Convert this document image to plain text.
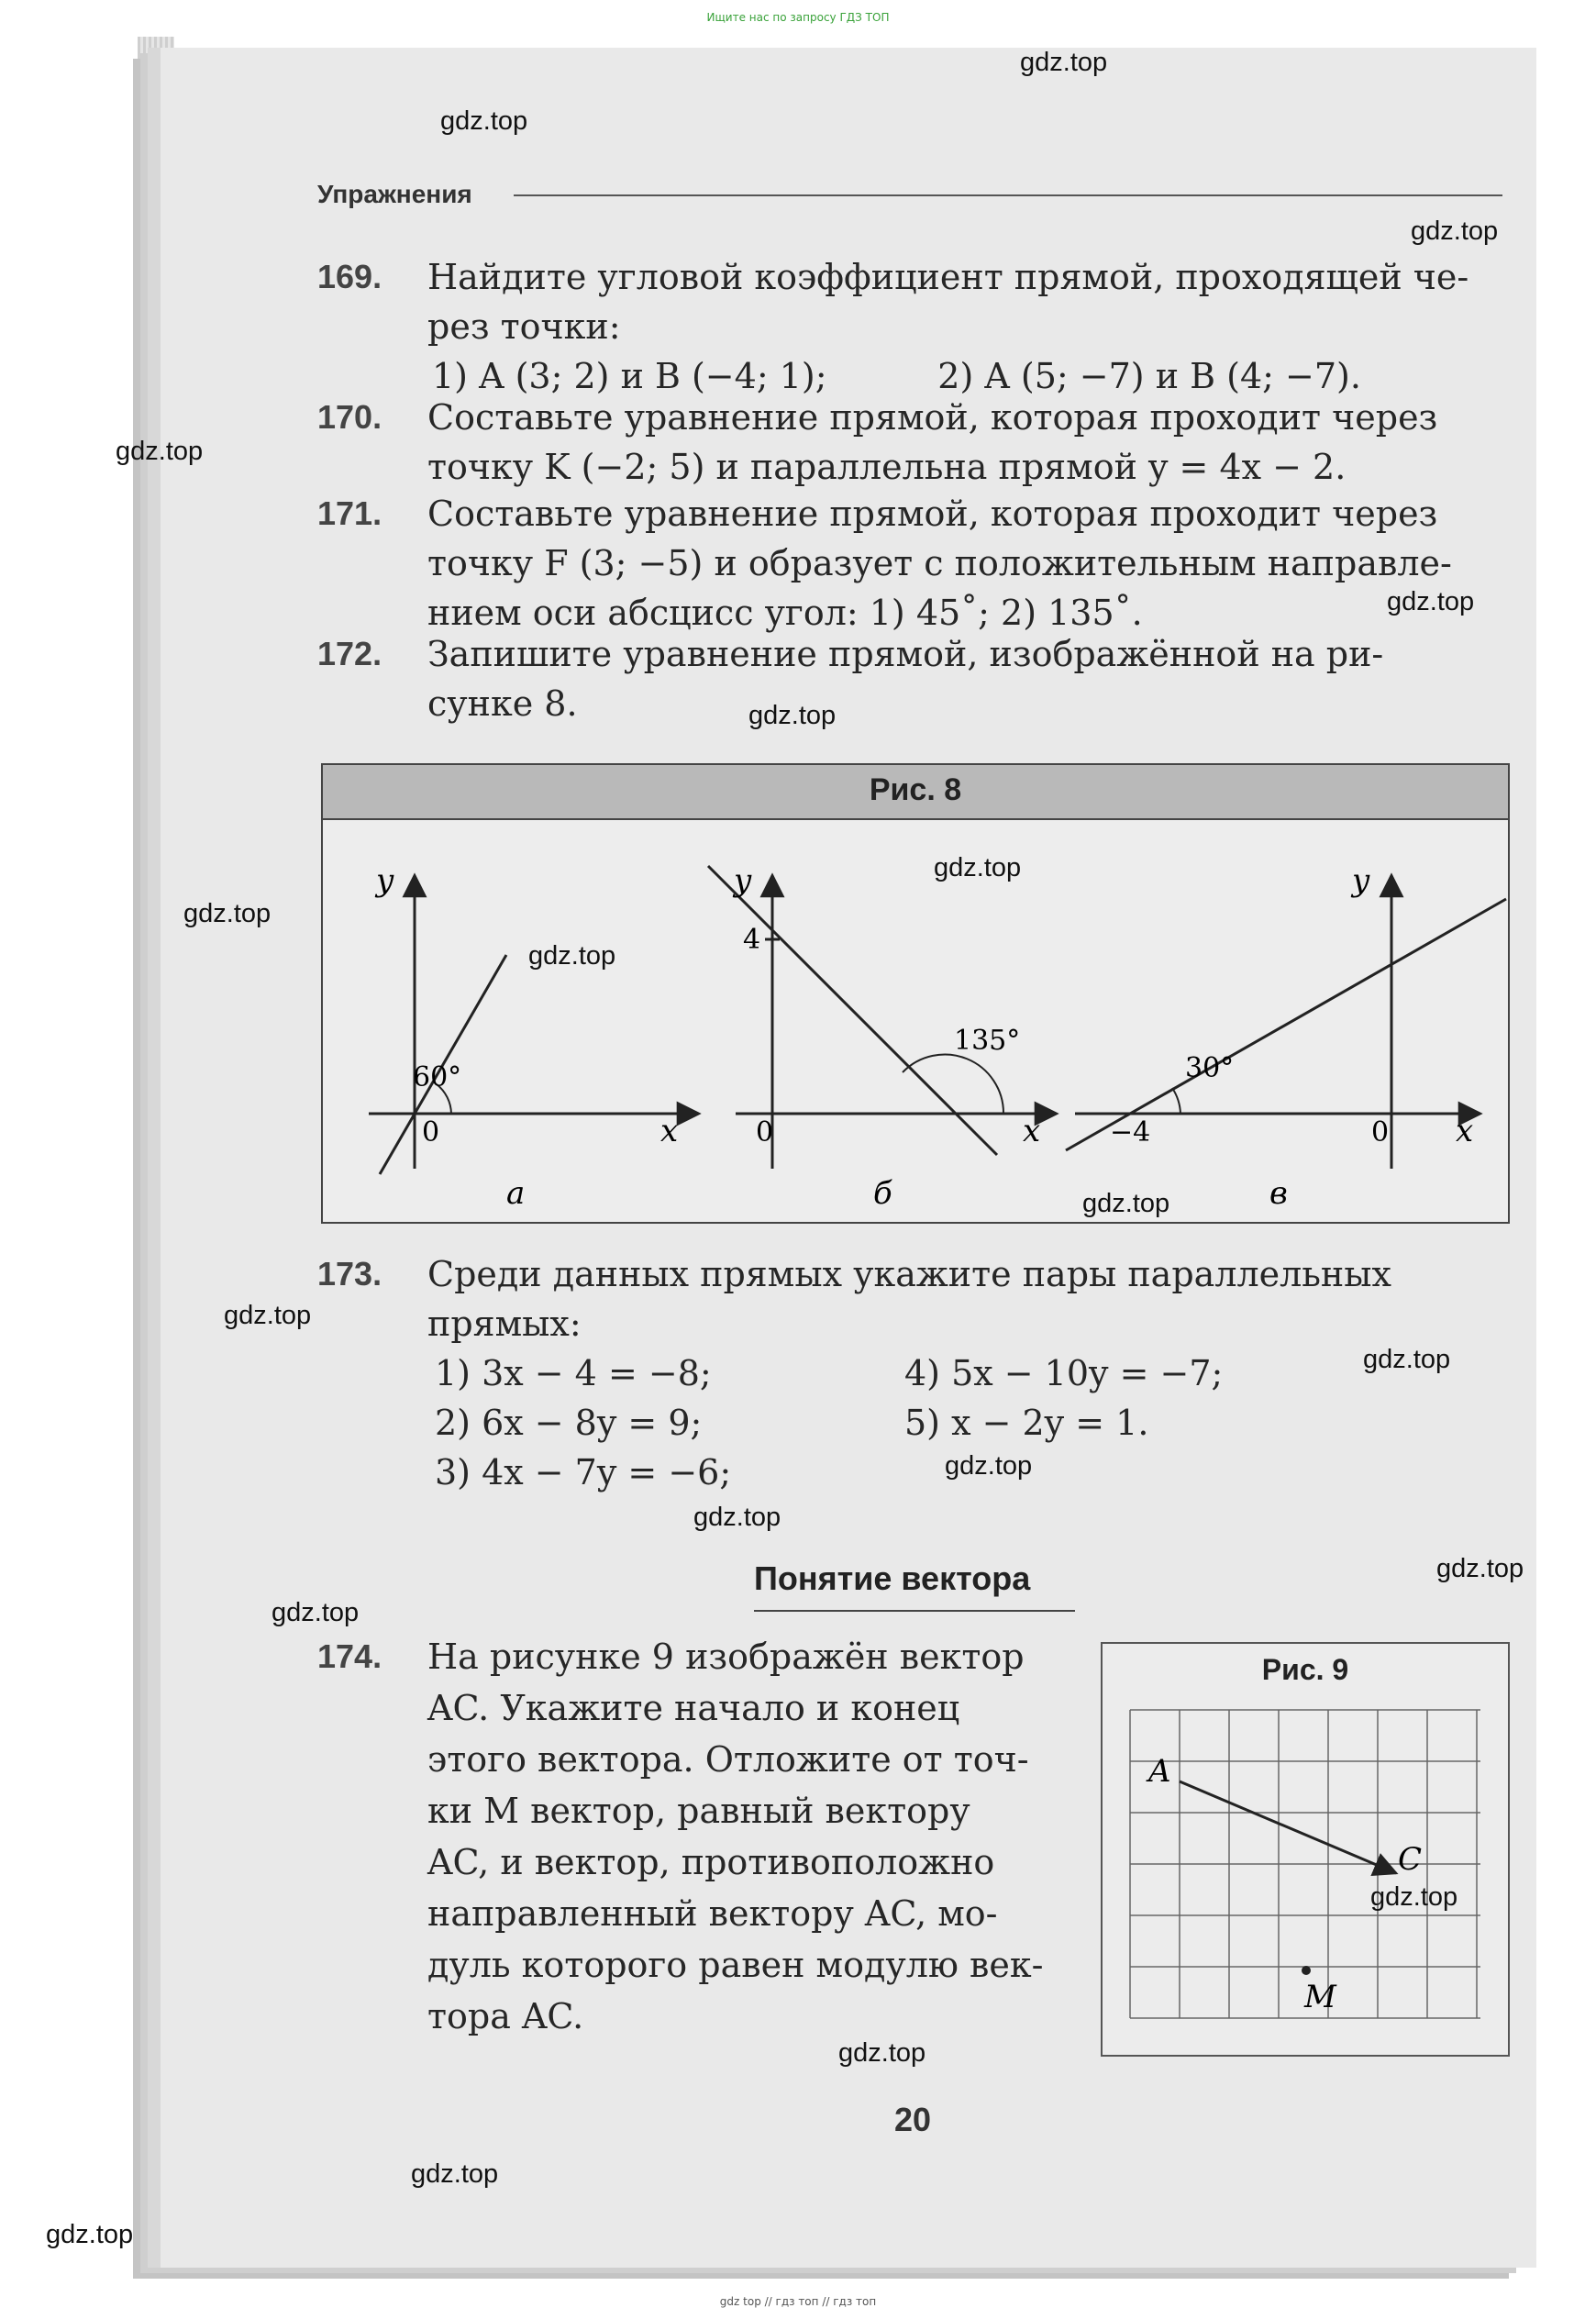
Ищите нас по запросу ГДЗ ТОП
Упражнения
169. Найдите угловой коэффициент прямой, проходящей че-
рез точки:
1) A (3; 2) и B (−4; 1);          2) A (5; −7) и B (4; −7).
170. Составьте уравнение прямой, которая проходит через
точку K (−2; 5) и параллельна прямой y = 4x − 2.
171. Составьте уравнение прямой, которая проходит через
точку F (3; −5) и образует с положительным направле-
нием оси абсцисс угол: 1) 45˚; 2) 135˚.
172. Запишите уравнение прямой, изображённой на ри-
сунке 8.
Рис. 8
y
x
0
60°
а
y
x
0
4
135°
б
y
x
0
−4
30°
в
173. Среди данных прямых укажите пары параллельных
прямых:
1) 3x − 4 = −8;	4) 5x − 10y = −7;
2) 6x − 8y = 9;	5) x − 2y = 1.
3) 4x − 7y = −6;
Понятие вектора
174. На рисунке 9 изображён вектор
AC. Укажите начало и конец
этого вектора. Отложите от точ-
ки M вектор, равный вектору
AC, и вектор, противоположно
направленный вектору AC, мо-
дуль которого равен модулю век-
тора AC.
Рис. 9
A
C
M
20
gdz.top
gdz.top
gdz.top
gdz.top
gdz.top
gdz.top
gdz.top
gdz.top
gdz.top
gdz.top
gdz.top
gdz.top
gdz.top
gdz.top
gdz.top
gdz.top
gdz.top
gdz.top
gdz.top
gdz.top
gdz top // гдз топ // гдз топ
